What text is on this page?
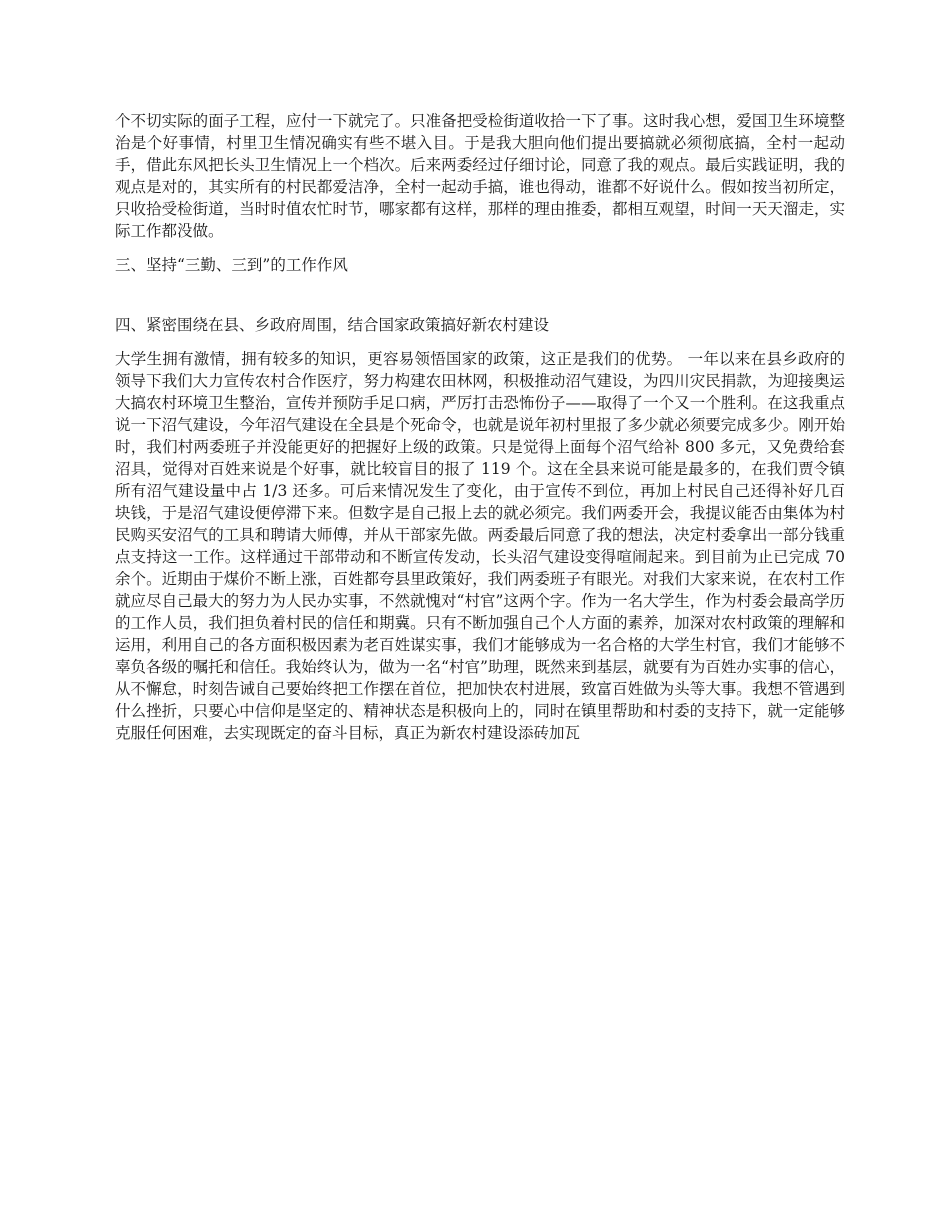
个不切实际的面子工程，应付一下就完了。只准备把受检街道收拾一下了事。这时我心想，爱国卫生环境整治是个好事情，村里卫生情况确实有些不堪入目。于是我大胆向他们提出要搞就必须彻底搞，全村一起动手，借此东风把长头卫生情况上一个档次。后来两委经过仔细讨论，同意了我的观点。最后实践证明，我的观点是对的，其实所有的村民都爱洁净，全村一起动手搞，谁也得动，谁都不好说什么。假如按当初所定，只收拾受检街道，当时时值农忙时节，哪家都有这样，那样的理由推委，都相互观望，时间一天天溜走，实际工作都没做。

三、坚持“三勤、三到”的工作作风

四、紧密围绕在县、乡政府周围，结合国家政策搞好新农村建设

大学生拥有激情，拥有较多的知识，更容易领悟国家的政策，这正是我们的优势。 一年以来在县乡政府的领导下我们大力宣传农村合作医疗，努力构建农田林网，积极推动沼气建设，为四川灾民捐款，为迎接奥运大搞农村环境卫生整治，宣传并预防手足口病，严厉打击恐怖份子——取得了一个又一个胜利。在这我重点说一下沼气建设，今年沼气建设在全县是个死命令，也就是说年初村里报了多少就必须要完成多少。刚开始时，我们村两委班子并没能更好的把握好上级的政策。只是觉得上面每个沼气给补 800 多元，又免费给套沼具，觉得对百姓来说是个好事，就比较盲目的报了 119 个。这在全县来说可能是最多的，在我们贾令镇所有沼气建设量中占 1/3 还多。可后来情况发生了变化，由于宣传不到位，再加上村民自己还得补好几百块钱，于是沼气建设便停滞下来。但数字是自己报上去的就必须完。我们两委开会，我提议能否由集体为村民购买安沼气的工具和聘请大师傅，并从干部家先做。两委最后同意了我的想法，决定村委拿出一部分钱重点支持这一工作。这样通过干部带动和不断宣传发动，长头沼气建设变得喧闹起来。到目前为止已完成 70 余个。近期由于煤价不断上涨，百姓都夸县里政策好，我们两委班子有眼光。对我们大家来说，在农村工作就应尽自己最大的努力为人民办实事，不然就愧对“村官”这两个字。作为一名大学生，作为村委会最高学历的工作人员，我们担负着村民的信任和期冀。只有不断加强自己个人方面的素养，加深对农村政策的理解和运用，利用自己的各方面积极因素为老百姓谋实事，我们才能够成为一名合格的大学生村官，我们才能够不辜负各级的嘱托和信任。我始终认为，做为一名“村官”助理，既然来到基层，就要有为百姓办实事的信心，从不懈怠，时刻告诫自己要始终把工作摆在首位，把加快农村进展，致富百姓做为头等大事。我想不管遇到什么挫折，只要心中信仰是坚定的、精神状态是积极向上的，同时在镇里帮助和村委的支持下，就一定能够克服任何困难，去实现既定的奋斗目标，真正为新农村建设添砖加瓦
